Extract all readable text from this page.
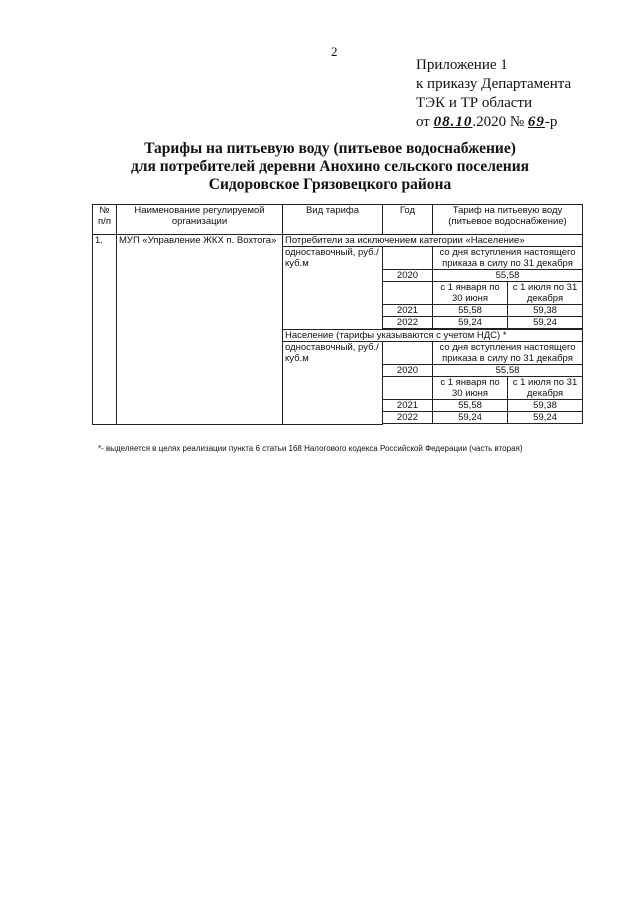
2
Приложение 1
к приказу Департамента
ТЭК и ТР области
от 08.10.2020 № 69-р
Тарифы на питьевую воду (питьевое водоснабжение)
для потребителей деревни Анохино сельского поселения
Сидоровское Грязовецкого района
№ п/п	Наименование регулируемой организации	Вид тарифа	Год	Тариф на питьевую воду (питьевое водоснабжение)	
1.	МУП «Управление ЖКХ п. Вохтога»	Потребители за исключением категории «Население»			
		одноставочный, руб./куб.м		со дня вступления настоящего приказа в силу по 31 декабря	
			2020	55,58	
				с 1 января по 30 июня	с 1 июля по 31 декабря
			2021	55,58	59,38
			2022	59,24	59,24

		Население (тарифы указываются с учетом НДС) *			
		одноставочный, руб./куб.м		со дня вступления настоящего приказа в силу по 31 декабря	
			2020	55,58	
				с 1 января по 30 июня	с 1 июля по 31 декабря
			2021	55,58	59,38
			2022	59,24	59,24

*- выделяется в целях реализации пункта 6 статьи 168 Налогового кодекса Российской Федерации (часть вторая)
